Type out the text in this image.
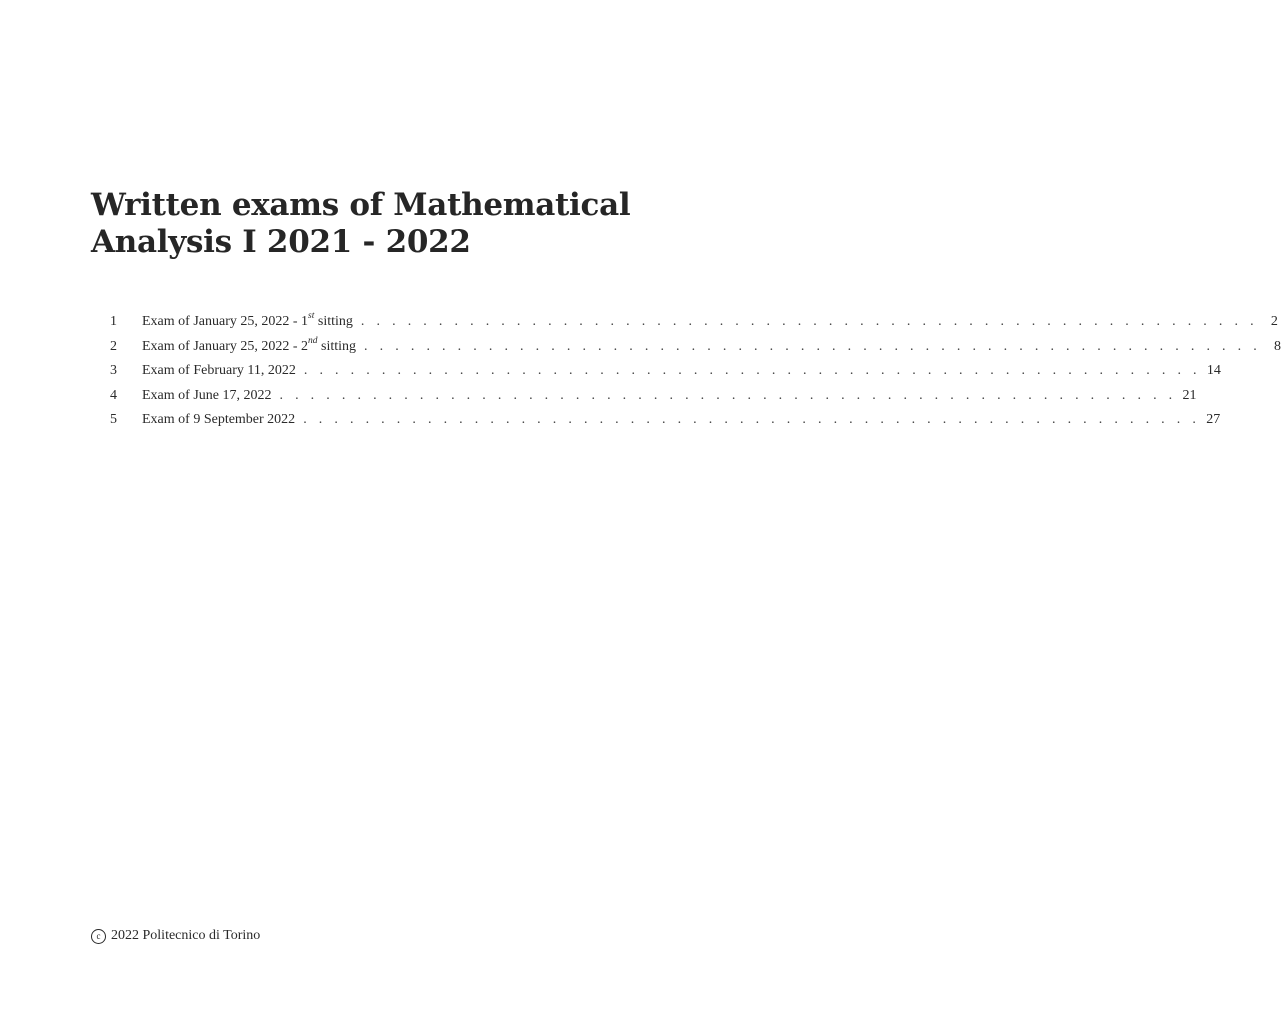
Written exams of Mathematical Analysis I 2021 - 2022
1	Exam of January 25, 2022 - 1st sitting . . . . . . . . . . . . . . . . . . . . . . . . . . . . . . . . . . . . . . . . . . . . . . . . . . . . . . . . . . 2
2	Exam of January 25, 2022 - 2nd sitting . . . . . . . . . . . . . . . . . . . . . . . . . . . . . . . . . . . . . . . . . . . . . . . . . . . . . . . . . . 8
3	Exam of February 11, 2022 . . . . . . . . . . . . . . . . . . . . . . . . . . . . . . . . . . . . . . . . . . . . . . . . . . . . . . . . . . 14
4	Exam of June 17, 2022 . . . . . . . . . . . . . . . . . . . . . . . . . . . . . . . . . . . . . . . . . . . . . . . . . . . . . . . . . . 21
5	Exam of 9 September 2022 . . . . . . . . . . . . . . . . . . . . . . . . . . . . . . . . . . . . . . . . . . . . . . . . . . . . . . . . . . 27
c 2022 Politecnico di Torino
